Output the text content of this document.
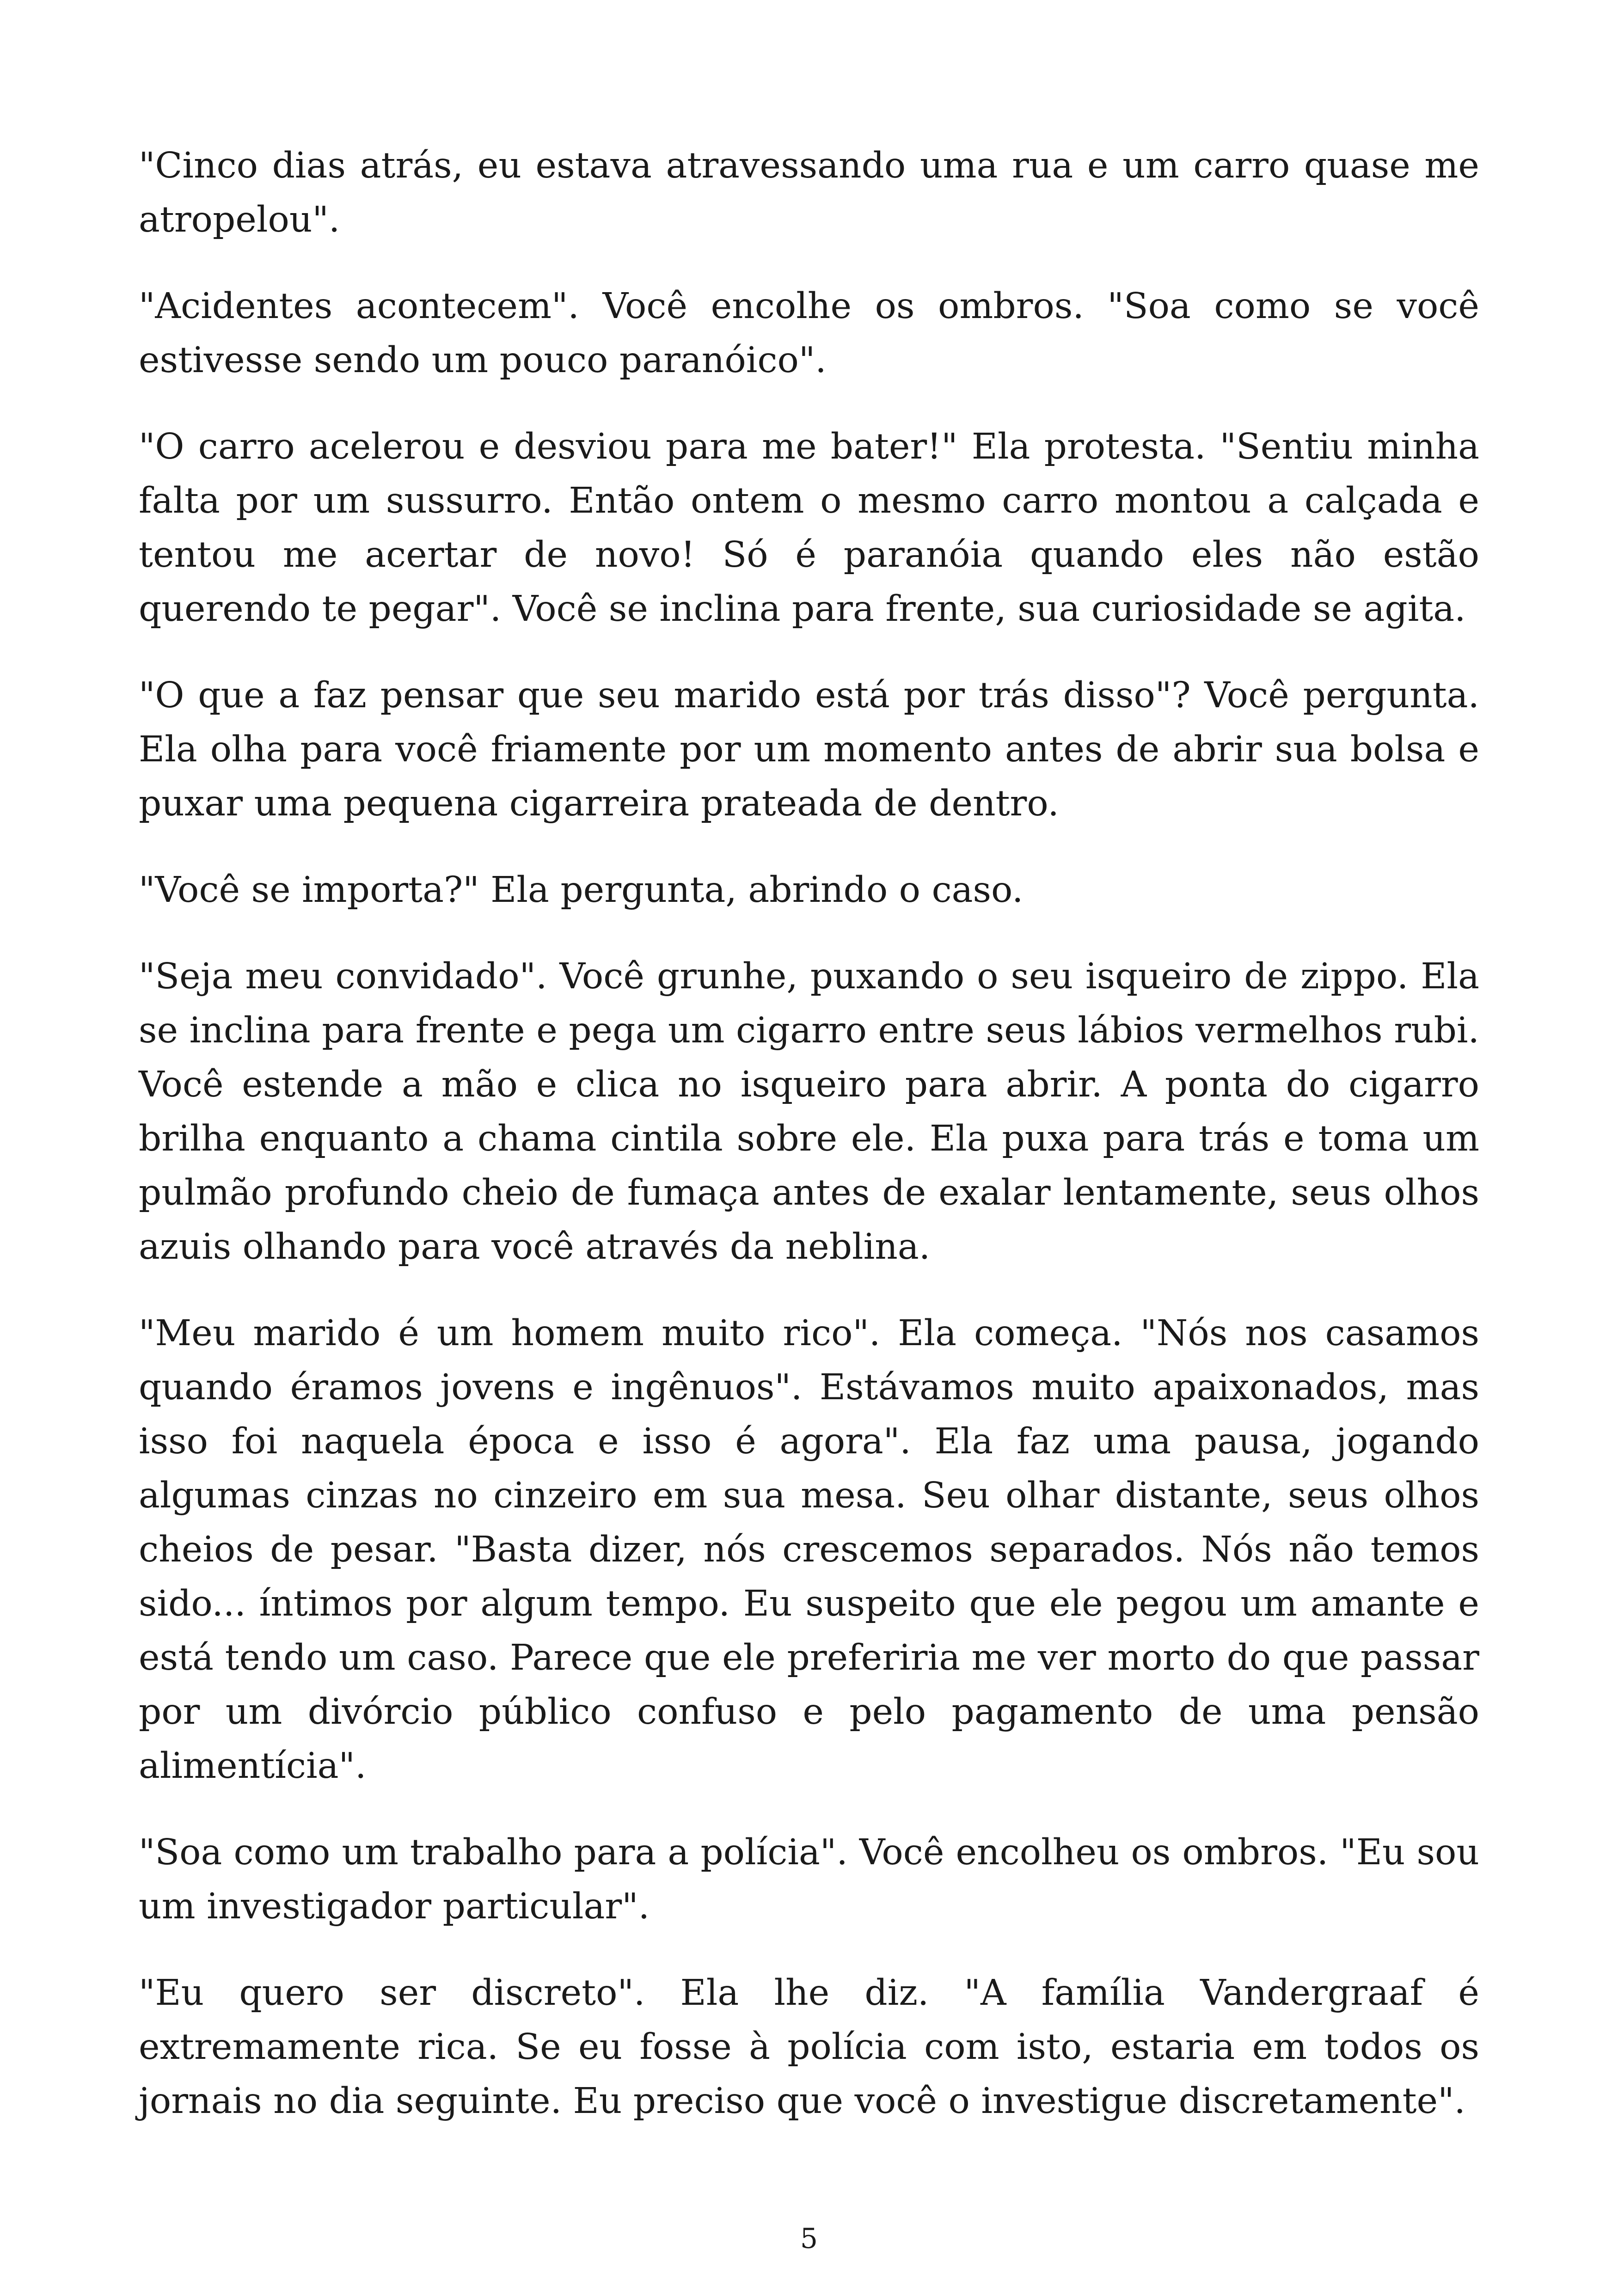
"Cinco dias atrás, eu estava atravessando uma rua e um carro quase me atropelou".

"Acidentes acontecem". Você encolhe os ombros. "Soa como se você estivesse sendo um pouco paranóico".

"O carro acelerou e desviou para me bater!" Ela protesta. "Sentiu minha falta por um sussurro. Então ontem o mesmo carro montou a calçada e tentou me acertar de novo! Só é paranóia quando eles não estão querendo te pegar". Você se inclina para frente, sua curiosidade se agita.

"O que a faz pensar que seu marido está por trás disso"? Você pergunta. Ela olha para você friamente por um momento antes de abrir sua bolsa e puxar uma pequena cigarreira prateada de dentro.

"Você se importa?" Ela pergunta, abrindo o caso.

"Seja meu convidado". Você grunhe, puxando o seu isqueiro de zippo. Ela se inclina para frente e pega um cigarro entre seus lábios vermelhos rubi. Você estende a mão e clica no isqueiro para abrir. A ponta do cigarro brilha enquanto a chama cintila sobre ele. Ela puxa para trás e toma um pulmão profundo cheio de fumaça antes de exalar lentamente, seus olhos azuis olhando para você através da neblina.

"Meu marido é um homem muito rico". Ela começa. "Nós nos casamos quando éramos jovens e ingênuos". Estávamos muito apaixonados, mas isso foi naquela época e isso é agora". Ela faz uma pausa, jogando algumas cinzas no cinzeiro em sua mesa. Seu olhar distante, seus olhos cheios de pesar. "Basta dizer, nós crescemos separados. Nós não temos sido... íntimos por algum tempo. Eu suspeito que ele pegou um amante e está tendo um caso. Parece que ele preferiria me ver morto do que passar por um divórcio público confuso e pelo pagamento de uma pensão alimentícia".

"Soa como um trabalho para a polícia". Você encolheu os ombros. "Eu sou um investigador particular".

"Eu quero ser discreto". Ela lhe diz. "A família Vandergraaf é extremamente rica. Se eu fosse à polícia com isto, estaria em todos os jornais no dia seguinte. Eu preciso que você o investigue discretamente".

5
